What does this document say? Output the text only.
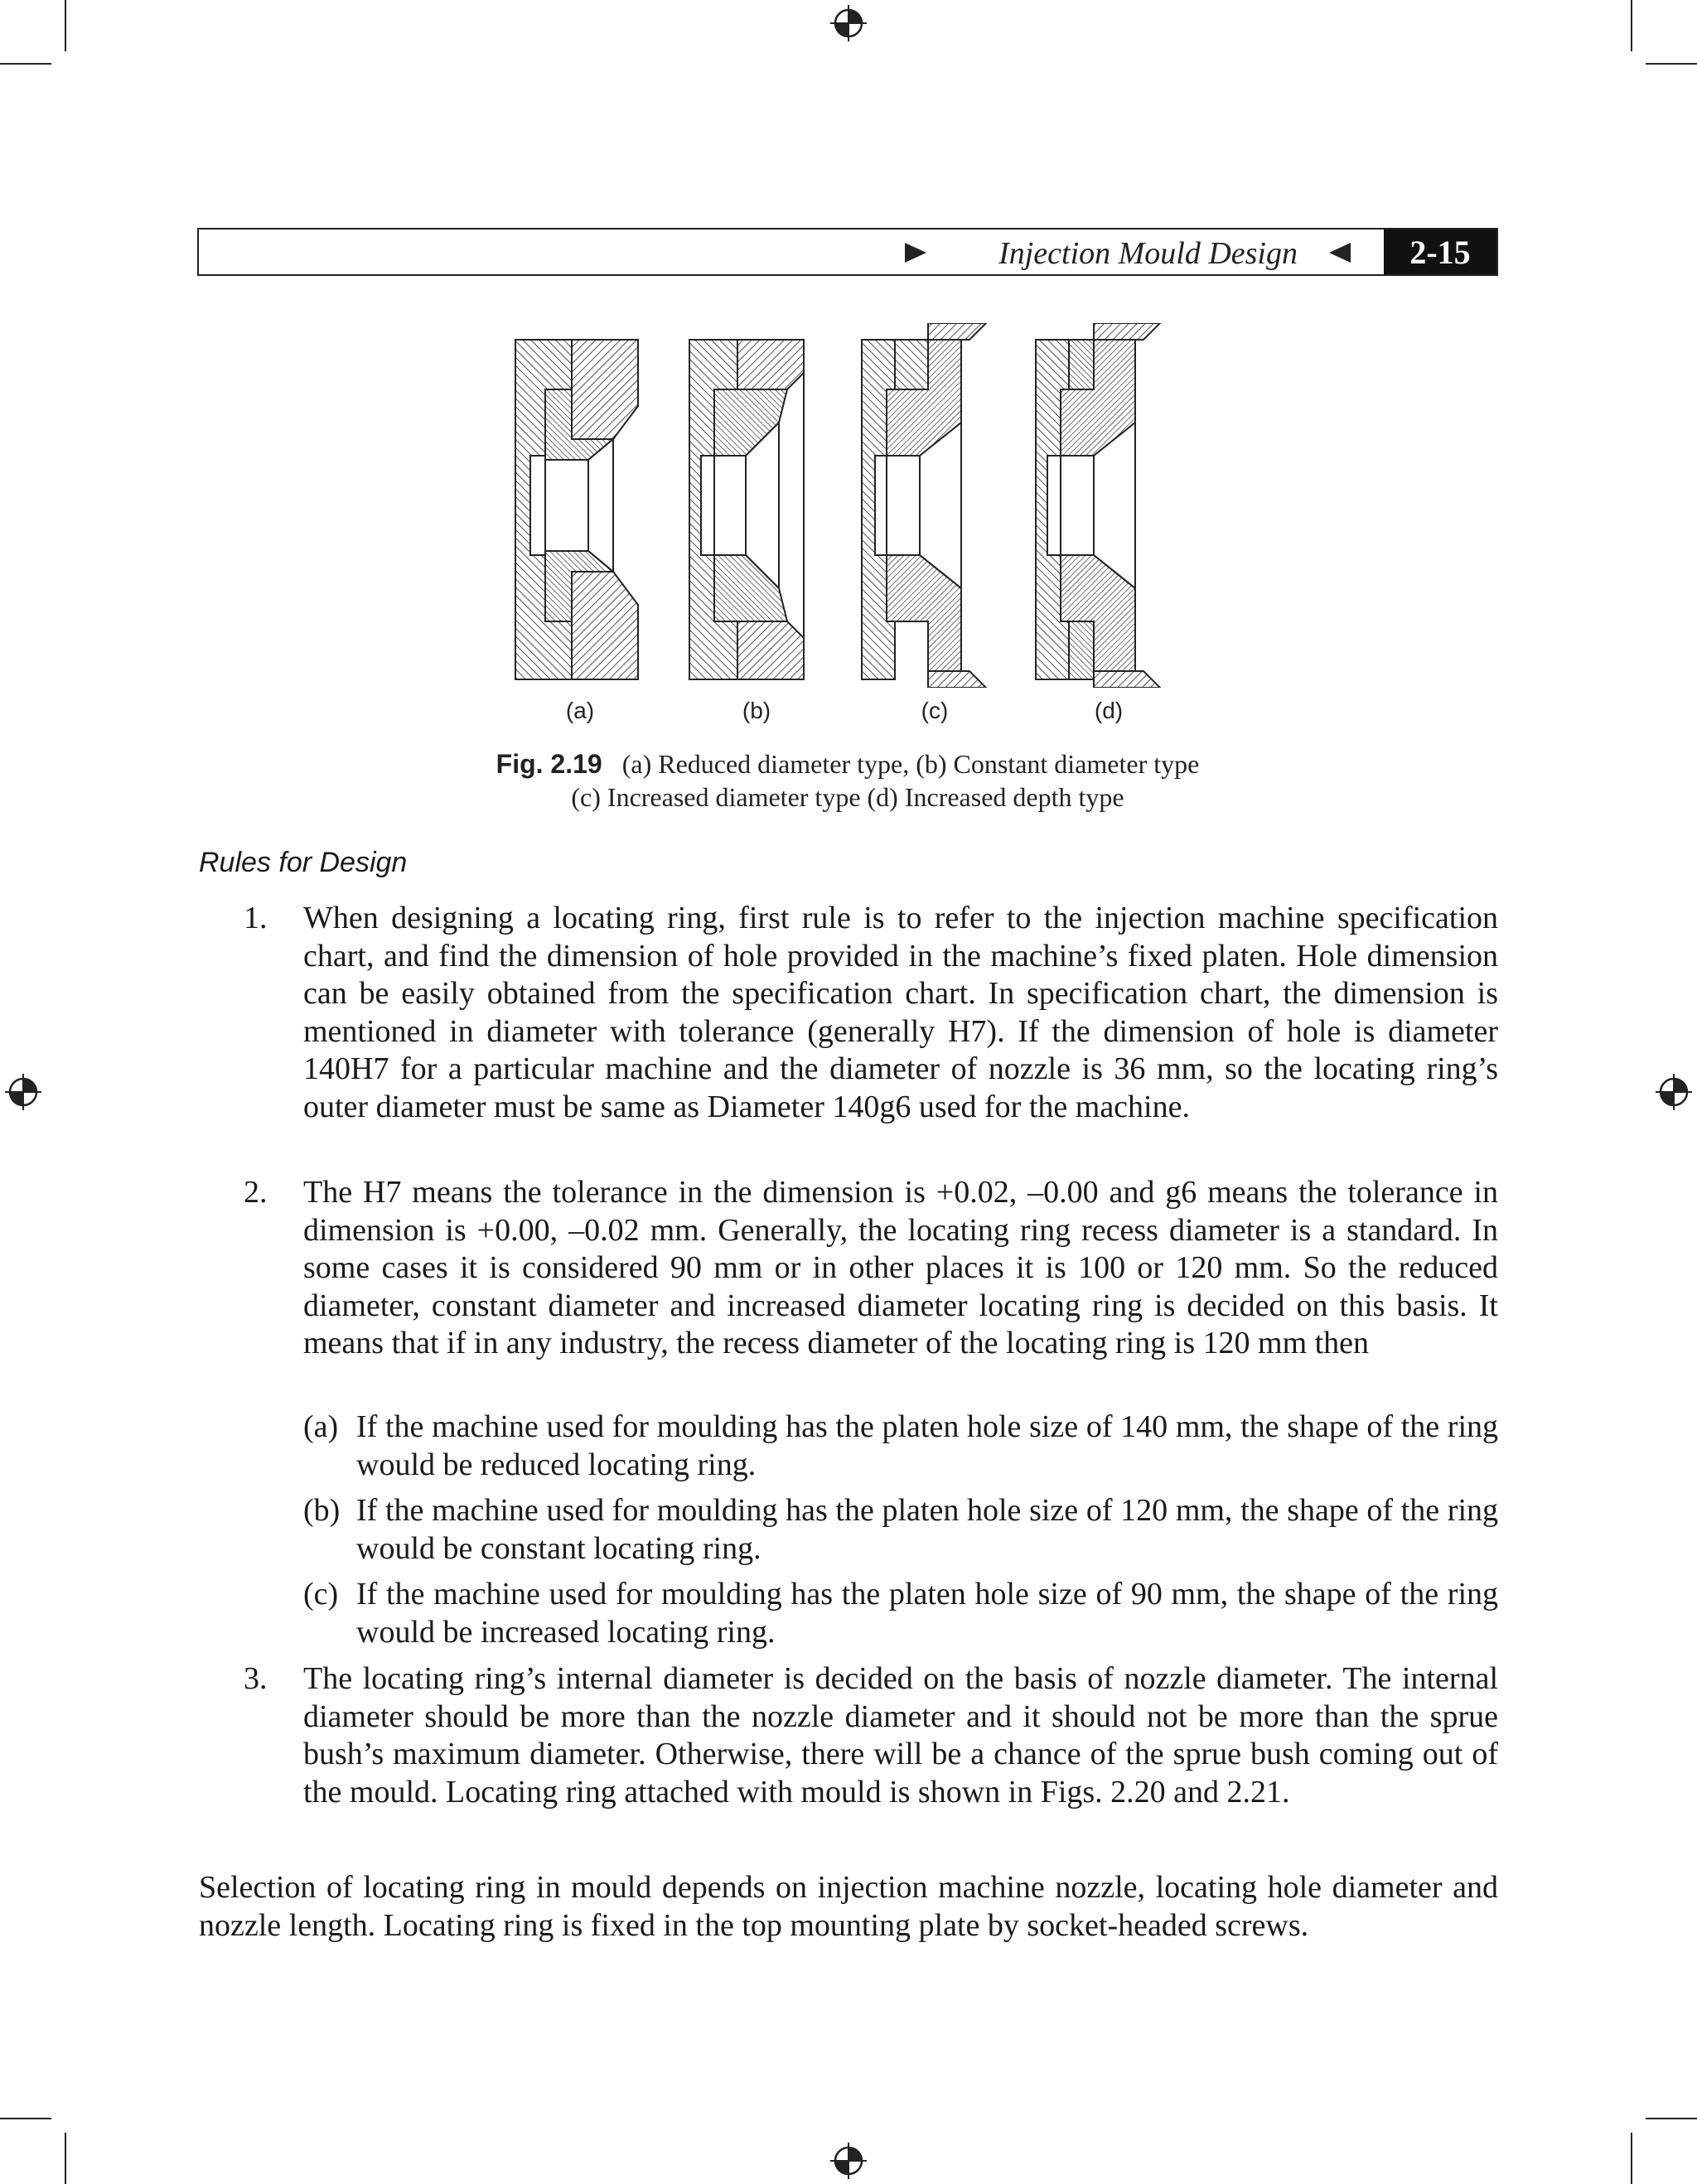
Injection Mould Design	2-15
(a)	(b)	(c)	(d)
Fig. 2.19 (a) Reduced diameter type, (b) Constant diameter type
(c) Increased diameter type (d) Increased depth type
Rules for Design
1. When designing a locating ring, first rule is to refer to the injection machine specification chart, and find the dimension of hole provided in the machine’s fixed platen. Hole dimension can be easily obtained from the specification chart. In specification chart, the dimension is mentioned in diameter with tolerance (generally H7). If the dimension of hole is diameter 140H7 for a particular machine and the diameter of nozzle is 36 mm, so the locating ring’s outer diameter must be same as Diameter 140g6 used for the machine.
2. The H7 means the tolerance in the dimension is +0.02, –0.00 and g6 means the tolerance in dimension is +0.00, –0.02 mm. Generally, the locating ring recess diameter is a standard. In some cases it is considered 90 mm or in other places it is 100 or 120 mm. So the reduced diameter, constant diameter and increased diameter locating ring is decided on this basis. It means that if in any industry, the recess diameter of the locating ring is 120 mm then
(a) If the machine used for moulding has the platen hole size of 140 mm, the shape of the ring would be reduced locating ring.
(b) If the machine used for moulding has the platen hole size of 120 mm, the shape of the ring would be constant locating ring.
(c) If the machine used for moulding has the platen hole size of 90 mm, the shape of the ring would be increased locating ring.
3. The locating ring’s internal diameter is decided on the basis of nozzle diameter. The internal diameter should be more than the nozzle diameter and it should not be more than the sprue bush’s maximum diameter. Otherwise, there will be a chance of the sprue bush coming out of the mould. Locating ring attached with mould is shown in Figs. 2.20 and 2.21.
Selection of locating ring in mould depends on injection machine nozzle, locating hole diameter and nozzle length. Locating ring is fixed in the top mounting plate by socket-headed screws.
